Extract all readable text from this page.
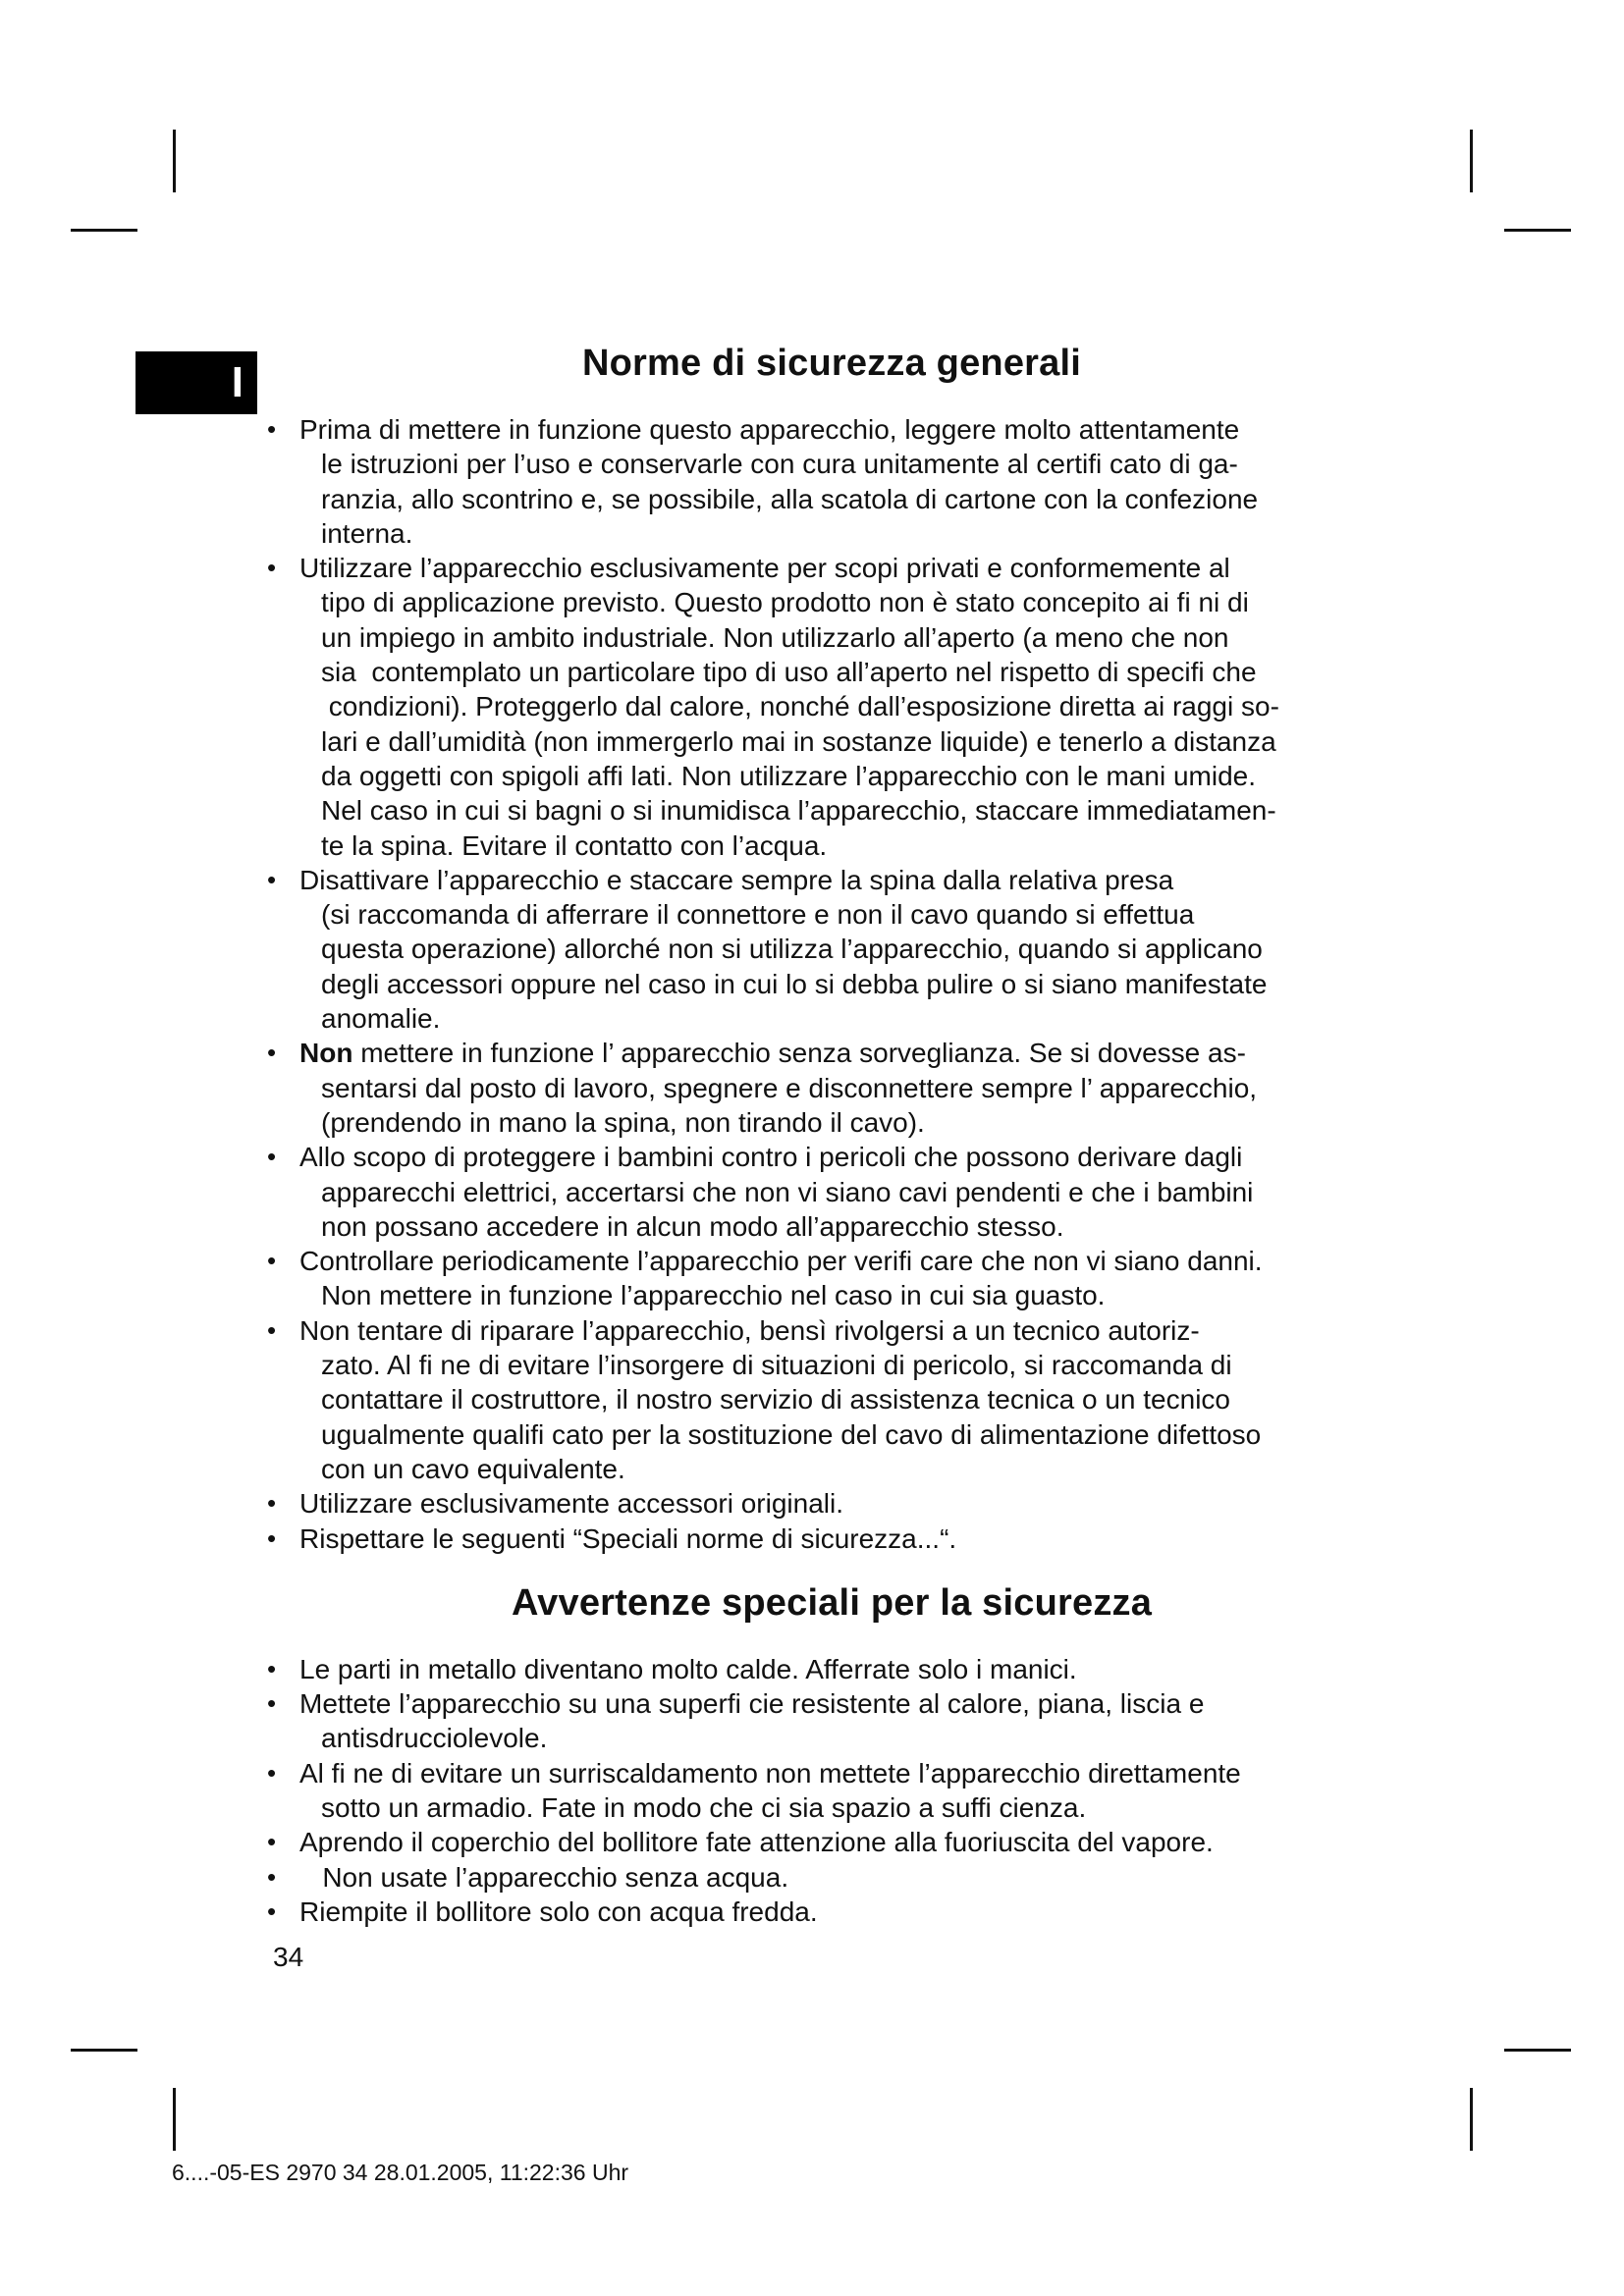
I	Norme di sicurezza generali
• Prima di mettere in funzione questo apparecchio, leggere molto attentamente
le istruzioni per l’uso e conservarle con cura unitamente al certifi cato di ga-
ranzia, allo scontrino e, se possibile, alla scatola di cartone con la confezione
interna.
• Utilizzare l’apparecchio esclusivamente per scopi privati e conformemente al
tipo di applicazione previsto. Questo prodotto non è stato concepito ai fi ni di
un impiego in ambito industriale. Non utilizzarlo all’aperto (a meno che non
sia  contemplato un particolare tipo di uso all’aperto nel rispetto di specifi che
condizioni). Proteggerlo dal calore, nonché dall’esposizione diretta ai raggi so-
lari e dall’umidità (non immergerlo mai in sostanze liquide) e tenerlo a distanza
da oggetti con spigoli affi lati. Non utilizzare l’apparecchio con le mani umide.
Nel caso in cui si bagni o si inumidisca l’apparecchio, staccare immediatamen-
te la spina. Evitare il contatto con l’acqua.
• Disattivare l’apparecchio e staccare sempre la spina dalla relativa presa
(si raccomanda di afferrare il connettore e non il cavo quando si effettua
questa operazione) allorché non si utilizza l’apparecchio, quando si applicano
degli accessori oppure nel caso in cui lo si debba pulire o si siano manifestate
anomalie.
• Non mettere in funzione l’ apparecchio senza sorveglianza. Se si dovesse as-
sentarsi dal posto di lavoro, spegnere e disconnettere sempre l’ apparecchio,
(prendendo in mano la spina, non tirando il cavo).
• Allo scopo di proteggere i bambini contro i pericoli che possono derivare dagli
apparecchi elettrici, accertarsi che non vi siano cavi pendenti e che i bambini
non possano accedere in alcun modo all’apparecchio stesso.
• Controllare periodicamente l’apparecchio per verifi care che non vi siano danni.
Non mettere in funzione l’apparecchio nel caso in cui sia guasto.
• Non tentare di riparare l’apparecchio, bensì rivolgersi a un tecnico autoriz-
zato. Al fi ne di evitare l’insorgere di situazioni di pericolo, si raccomanda di
contattare il costruttore, il nostro servizio di assistenza tecnica o un tecnico
ugualmente qualifi cato per la sostituzione del cavo di alimentazione difettoso
con un cavo equivalente.
• Utilizzare esclusivamente accessori originali.
• Rispettare le seguenti “Speciali norme di sicurezza...“.
Avvertenze speciali per la sicurezza
• Le parti in metallo diventano molto calde. Afferrate solo i manici.
• Mettete l’apparecchio su una superfi cie resistente al calore, piana, liscia e
antisdrucciolevole.
• Al fi ne di evitare un surriscaldamento non mettete l’apparecchio direttamente
sotto un armadio. Fate in modo che ci sia spazio a suffi cienza.
• Aprendo il coperchio del bollitore fate attenzione alla fuoriuscita del vapore.
• Non usate l’apparecchio senza acqua.
• Riempite il bollitore solo con acqua fredda.
34
6....-05-ES 2970 34 28.01.2005, 11:22:36 Uhr
